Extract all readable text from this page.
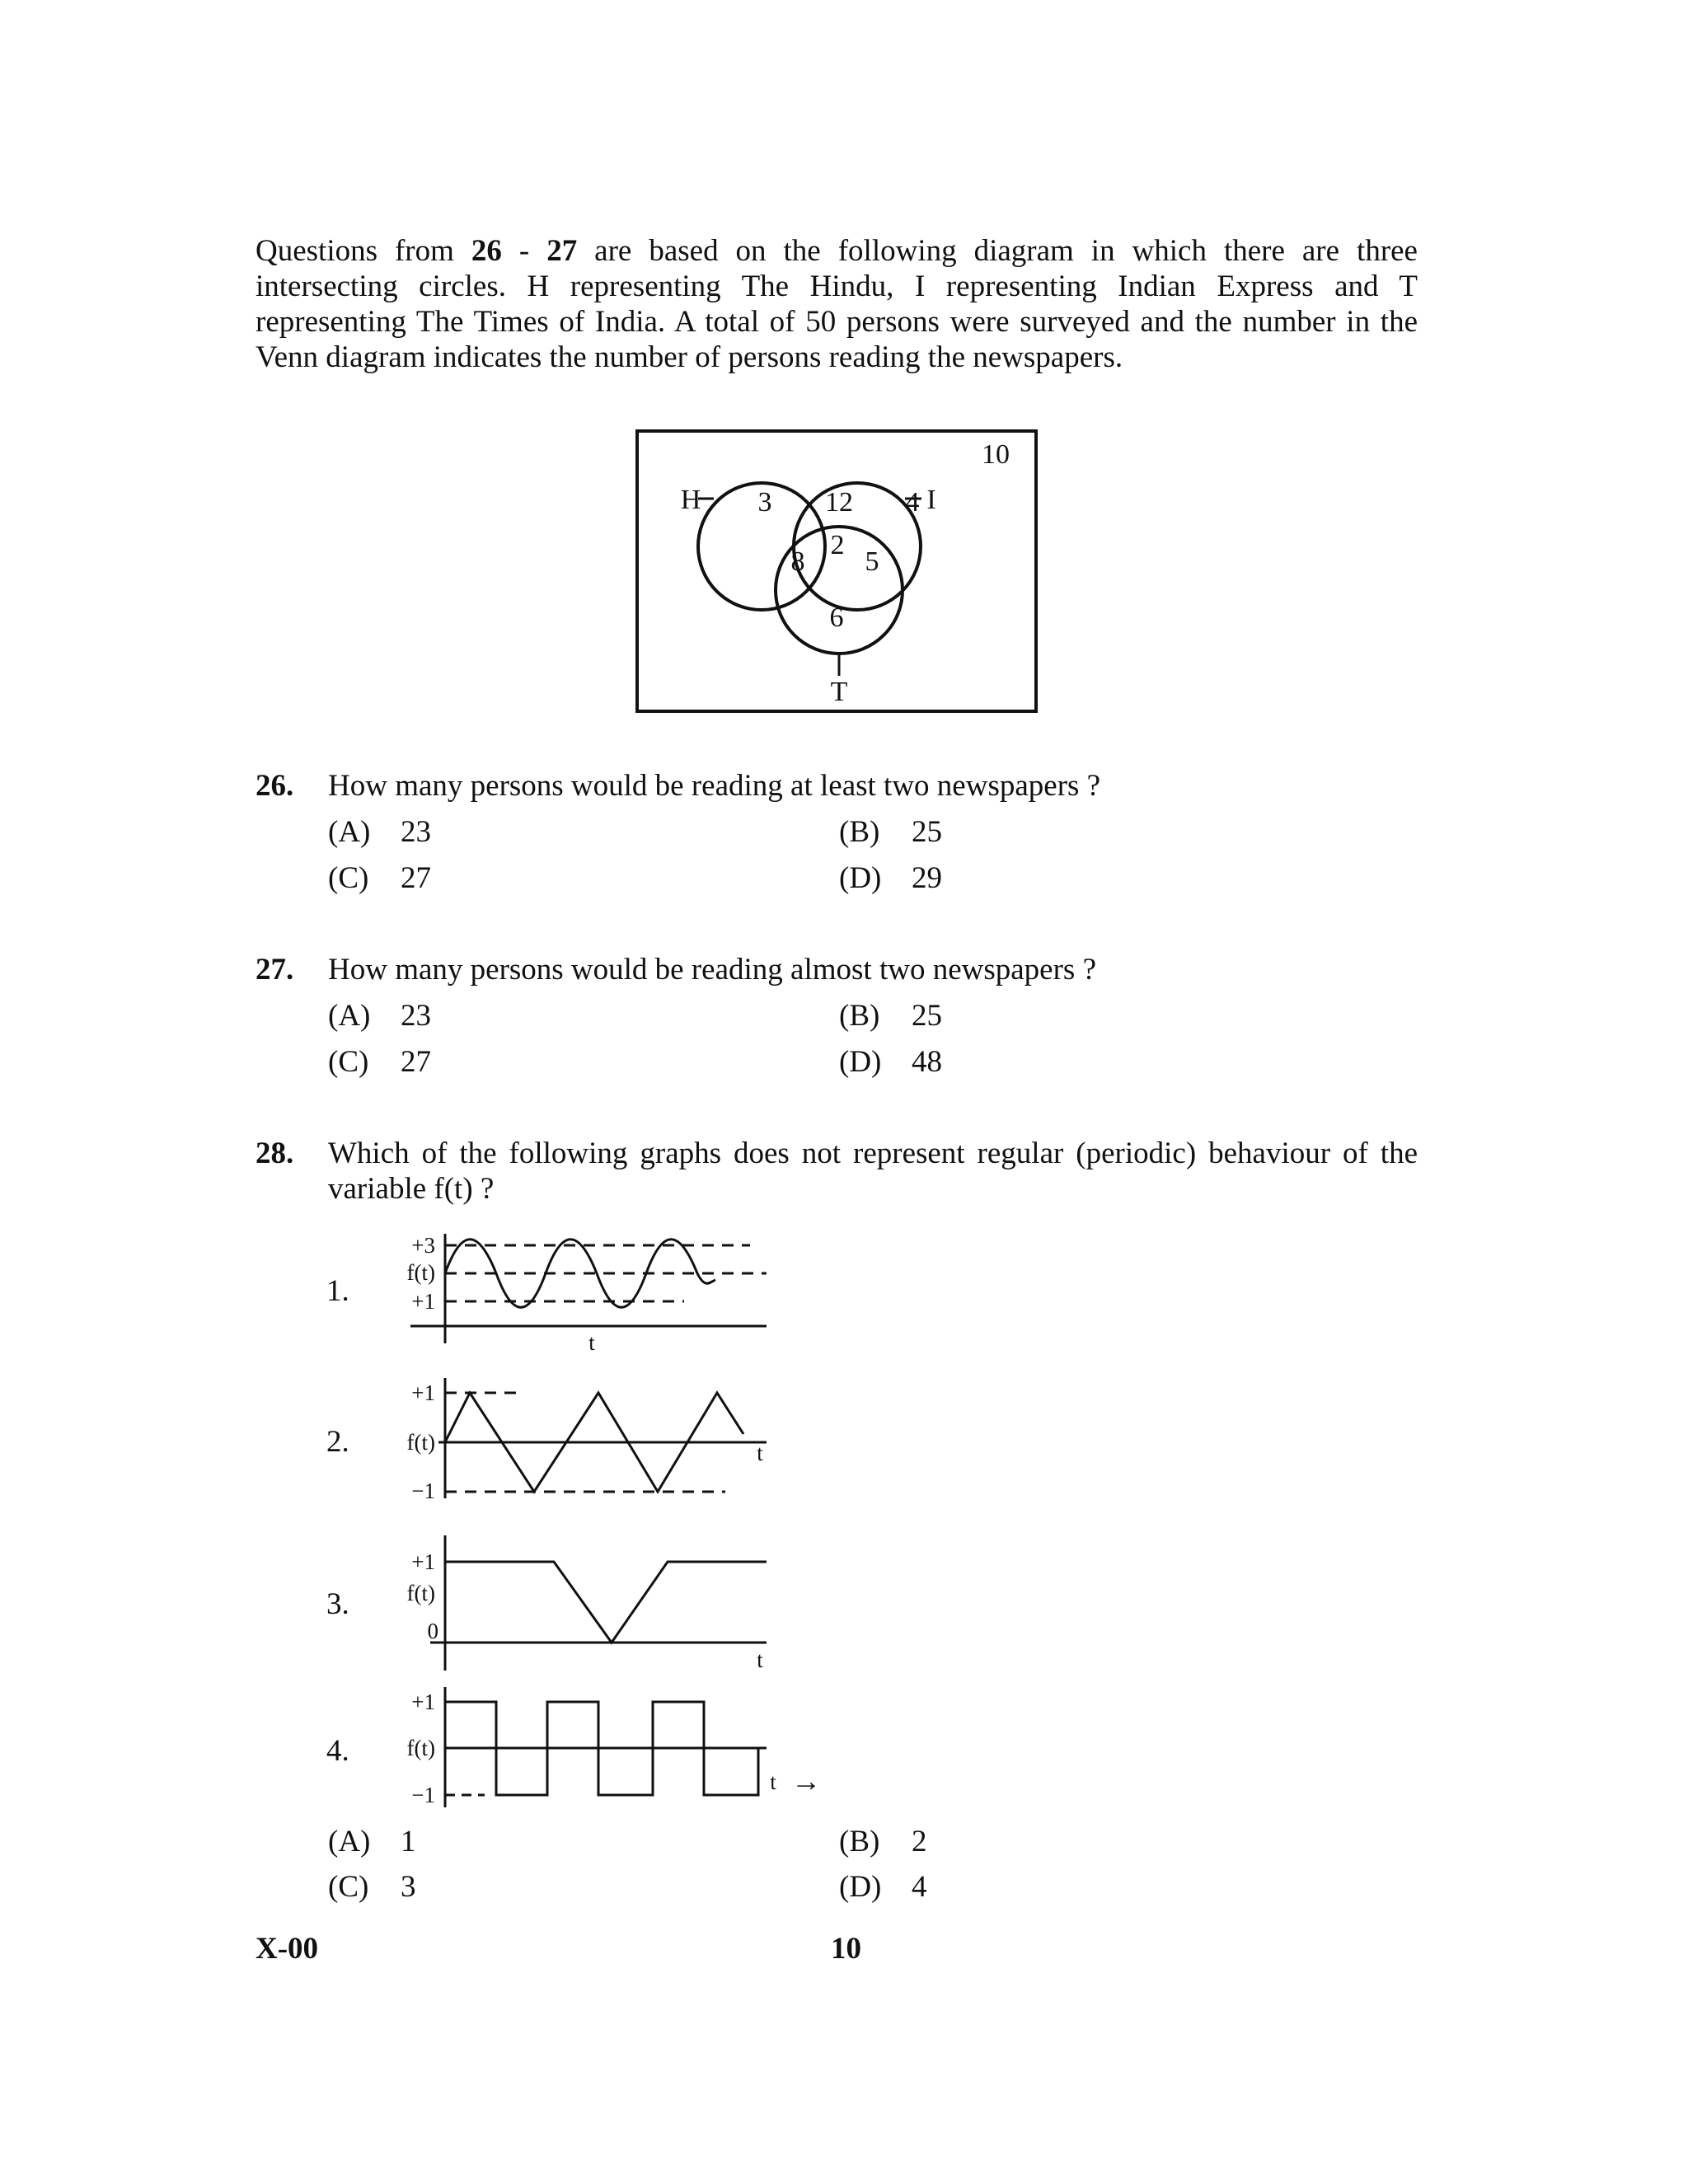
Questions from 26 - 27 are based on the following diagram in which there are three intersecting circles. H representing The Hindu, I representing Indian Express and T representing The Times of India. A total of 50 persons were surveyed and the number in the Venn diagram indicates the number of persons reading the newspapers.
H	I
T
10
3 12 4
2
8 5
6
26. How many persons would be reading at least two newspapers ?
(A) 23	(B) 25
(C) 27	(D) 29
27. How many persons would be reading almost two newspapers ?
(A) 23	(B) 25
(C) 27	(D) 48
28. Which of the following graphs does not represent regular (periodic) behaviour of the variable f(t) ?
1.
+3
f(t)
+1
t
2.
+1
f(t)
−1
t
3.
+1
f(t)
0
t
4.
+1
f(t)
−1
t →
(A) 1	(B) 2
(C) 3	(D) 4
X-00	10
